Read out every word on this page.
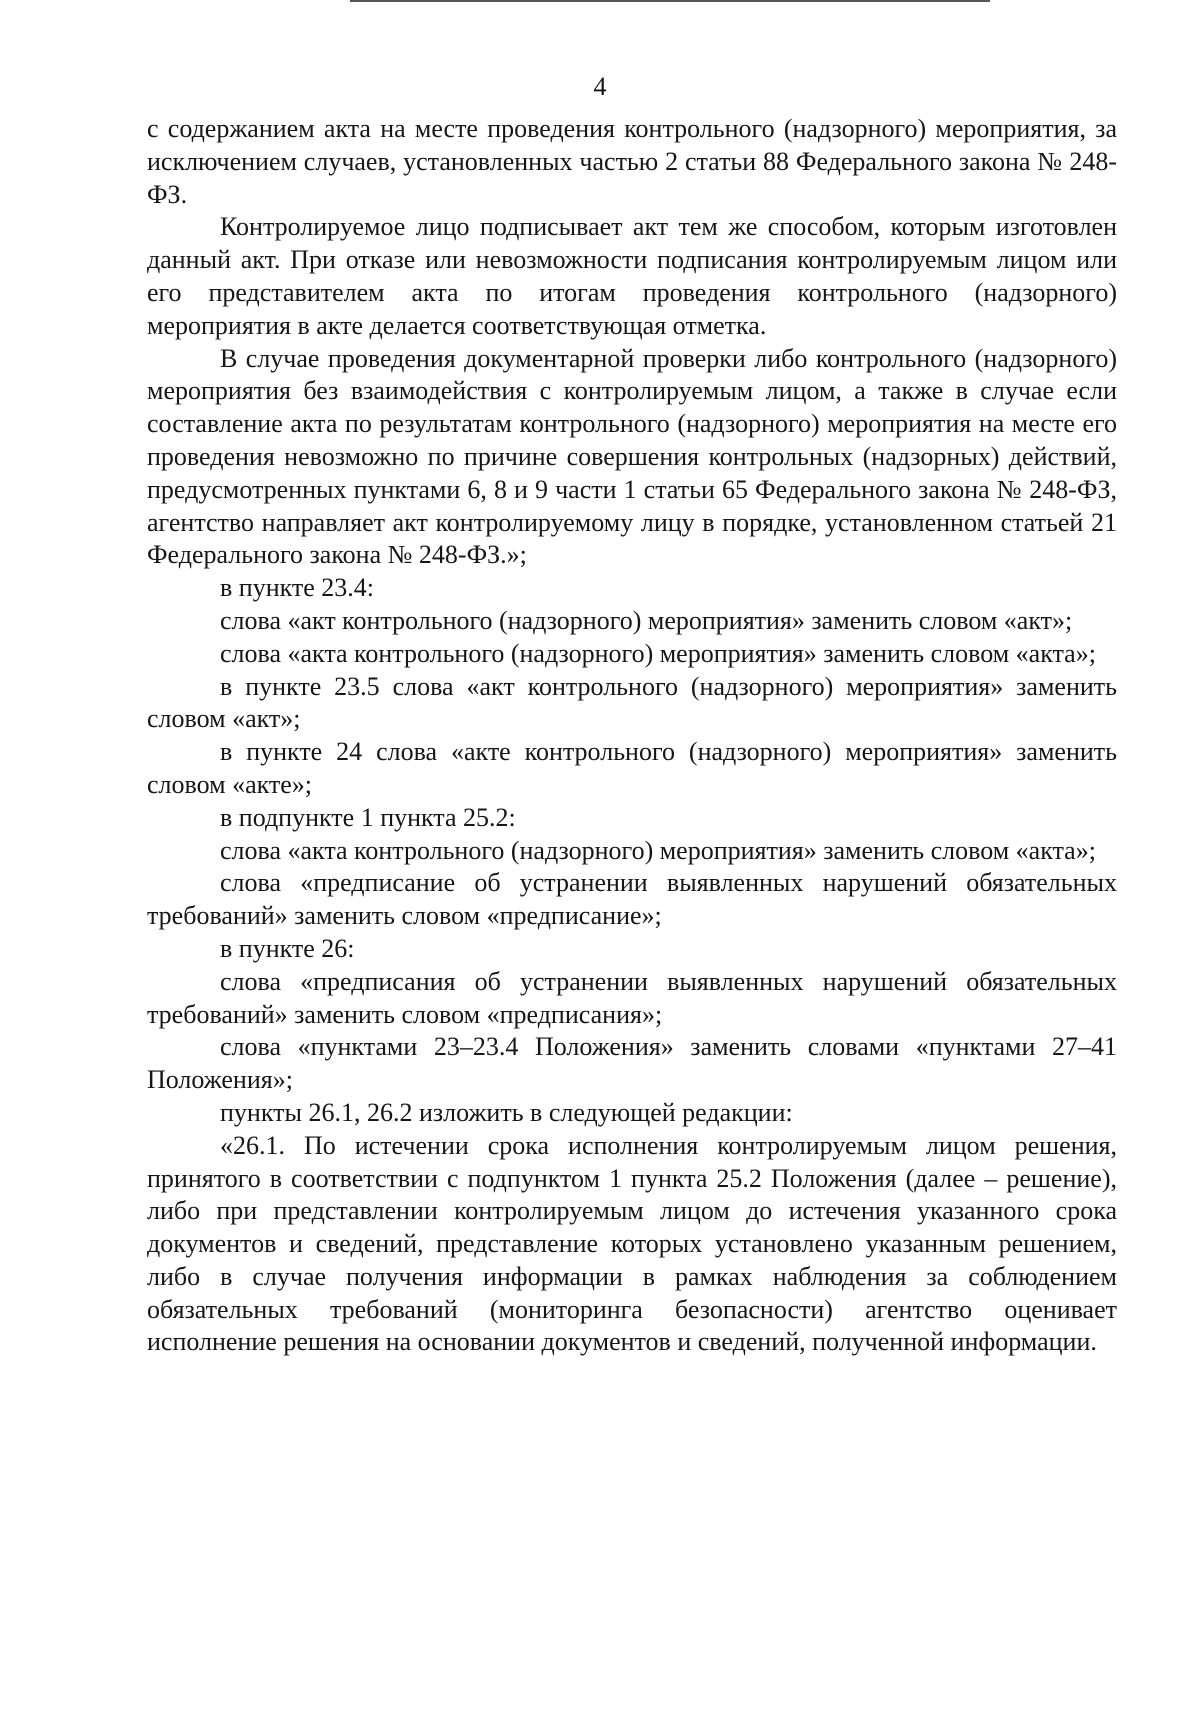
4

с содержанием акта на месте проведения контрольного (надзорного) мероприятия, за исключением случаев, установленных частью 2 статьи 88 Федерального закона № 248-ФЗ.

Контролируемое лицо подписывает акт тем же способом, которым изготовлен данный акт. При отказе или невозможности подписания контролируемым лицом или его представителем акта по итогам проведения контрольного (надзорного) мероприятия в акте делается соответствующая отметка.

В случае проведения документарной проверки либо контрольного (надзорного) мероприятия без взаимодействия с контролируемым лицом, а также в случае если составление акта по результатам контрольного (надзорного) мероприятия на месте его проведения невозможно по причине совершения контрольных (надзорных) действий, предусмотренных пунктами 6, 8 и 9 части 1 статьи 65 Федерального закона № 248-ФЗ, агентство направляет акт контролируемому лицу в порядке, установленном статьей 21 Федерального закона № 248-ФЗ.»;

в пункте 23.4:

слова «акт контрольного (надзорного) мероприятия» заменить словом «акт»;

слова «акта контрольного (надзорного) мероприятия» заменить словом «акта»;

в пункте 23.5 слова «акт контрольного (надзорного) мероприятия» заменить словом «акт»;

в пункте 24 слова «акте контрольного (надзорного) мероприятия» заменить словом «акте»;

в подпункте 1 пункта 25.2:

слова «акта контрольного (надзорного) мероприятия» заменить словом «акта»;

слова «предписание об устранении выявленных нарушений обязательных требований» заменить словом «предписание»;

в пункте 26:

слова «предписания об устранении выявленных нарушений обязательных требований» заменить словом «предписания»;

слова «пунктами 23–23.4 Положения» заменить словами «пунктами 27–41 Положения»;

пункты 26.1, 26.2 изложить в следующей редакции:

«26.1. По истечении срока исполнения контролируемым лицом решения, принятого в соответствии с подпунктом 1 пункта 25.2 Положения (далее – решение), либо при представлении контролируемым лицом до истечения указанного срока документов и сведений, представление которых установлено указанным решением, либо в случае получения информации в рамках наблюдения за соблюдением обязательных требований (мониторинга безопасности) агентство оценивает исполнение решения на основании документов и сведений, полученной информации.
